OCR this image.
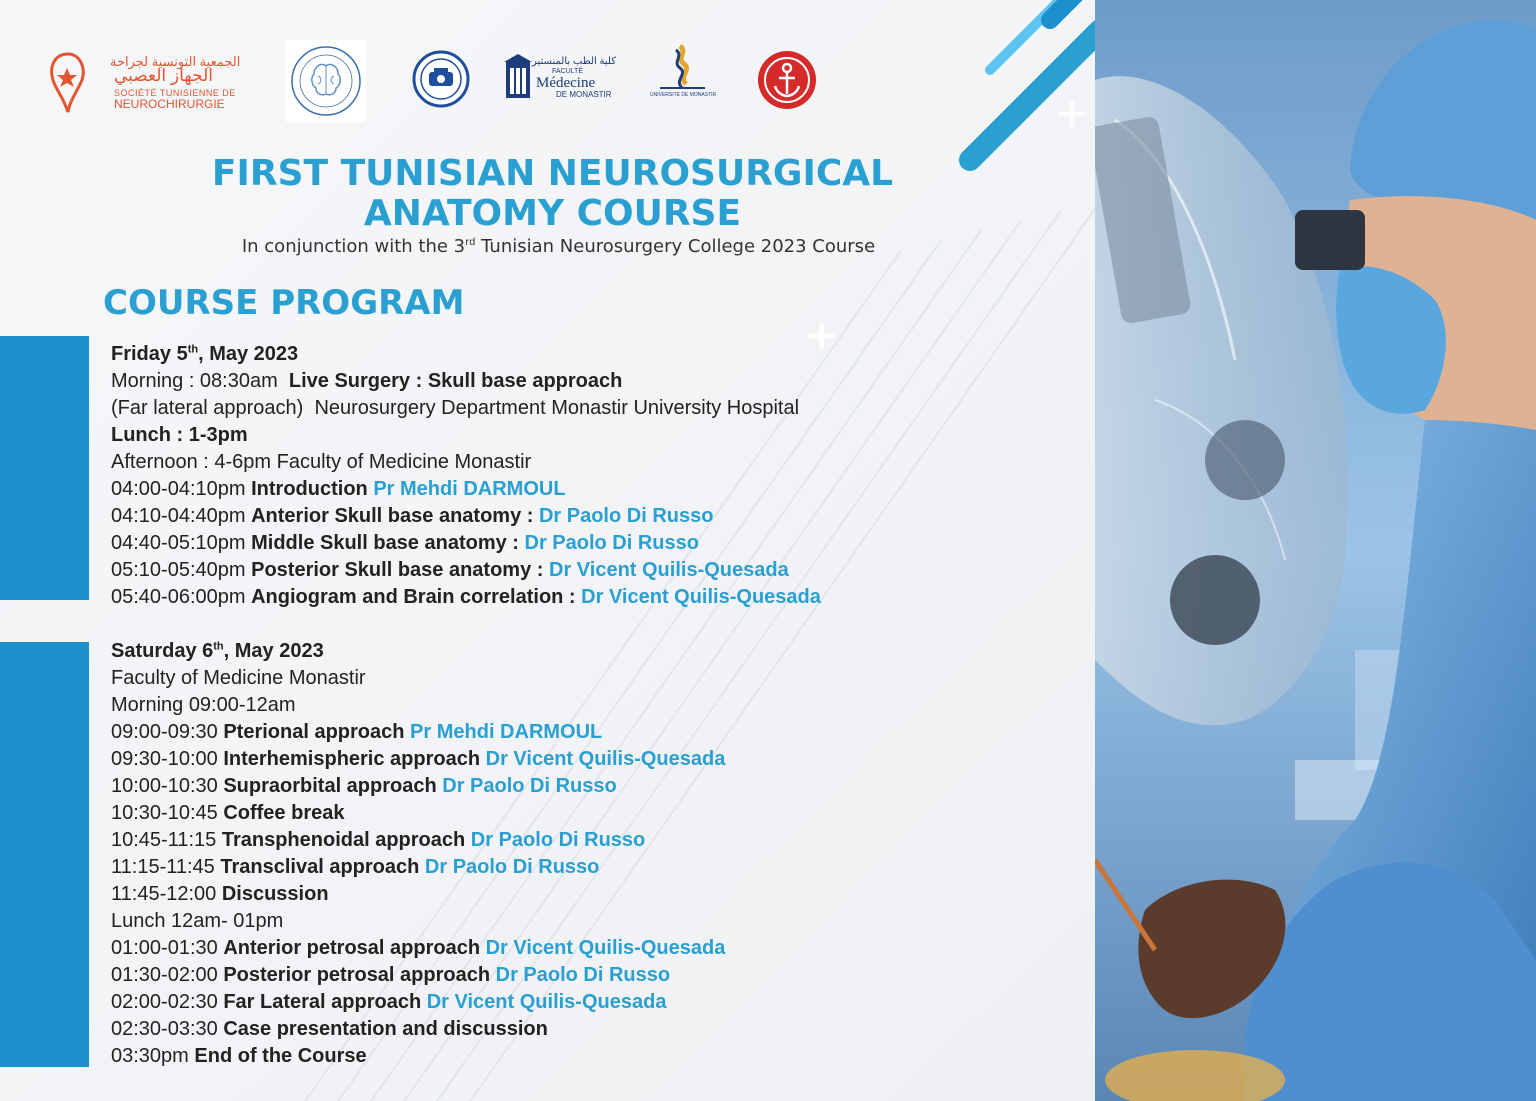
الجمعية التونسية لجراحة
الجهاز العصبي
SOCIÉTÉ TUNISIENNE DE
NEUROCHIRURGIE
كلية الطب بالمنستير
FACULTÉ
Médecine
DE MONASTIR	UNIVERSITÉ DE MONASTIR
+
+
FIRST TUNISIAN NEUROSURGICAL
ANATOMY COURSE
In conjunction with the 3rd Tunisian Neurosurgery College 2023 Course
COURSE PROGRAM
Friday 5th, May 2023
Morning : 08:30am Live Surgery : Skull base approach
(Far lateral approach) Neurosurgery Department Monastir University Hospital
Lunch : 1-3pm
Afternoon : 4-6pm Faculty of Medicine Monastir
04:00-04:10pm Introduction Pr Mehdi DARMOUL
04:10-04:40pm Anterior Skull base anatomy : Dr Paolo Di Russo
04:40-05:10pm Middle Skull base anatomy : Dr Paolo Di Russo
05:10-05:40pm Posterior Skull base anatomy : Dr Vicent Quilis-Quesada
05:40-06:00pm Angiogram and Brain correlation : Dr Vicent Quilis-Quesada
Saturday 6th, May 2023
Faculty of Medicine Monastir
Morning 09:00-12am
09:00-09:30 Pterional approach Pr Mehdi DARMOUL
09:30-10:00 Interhemispheric approach Dr Vicent Quilis-Quesada
10:00-10:30 Supraorbital approach Dr Paolo Di Russo
10:30-10:45 Coffee break
10:45-11:15 Transphenoidal approach Dr Paolo Di Russo
11:15-11:45 Transclival approach Dr Paolo Di Russo
11:45-12:00 Discussion
Lunch 12am- 01pm
01:00-01:30 Anterior petrosal approach Dr Vicent Quilis-Quesada
01:30-02:00 Posterior petrosal approach Dr Paolo Di Russo
02:00-02:30 Far Lateral approach Dr Vicent Quilis-Quesada
02:30-03:30 Case presentation and discussion
03:30pm End of the Course
